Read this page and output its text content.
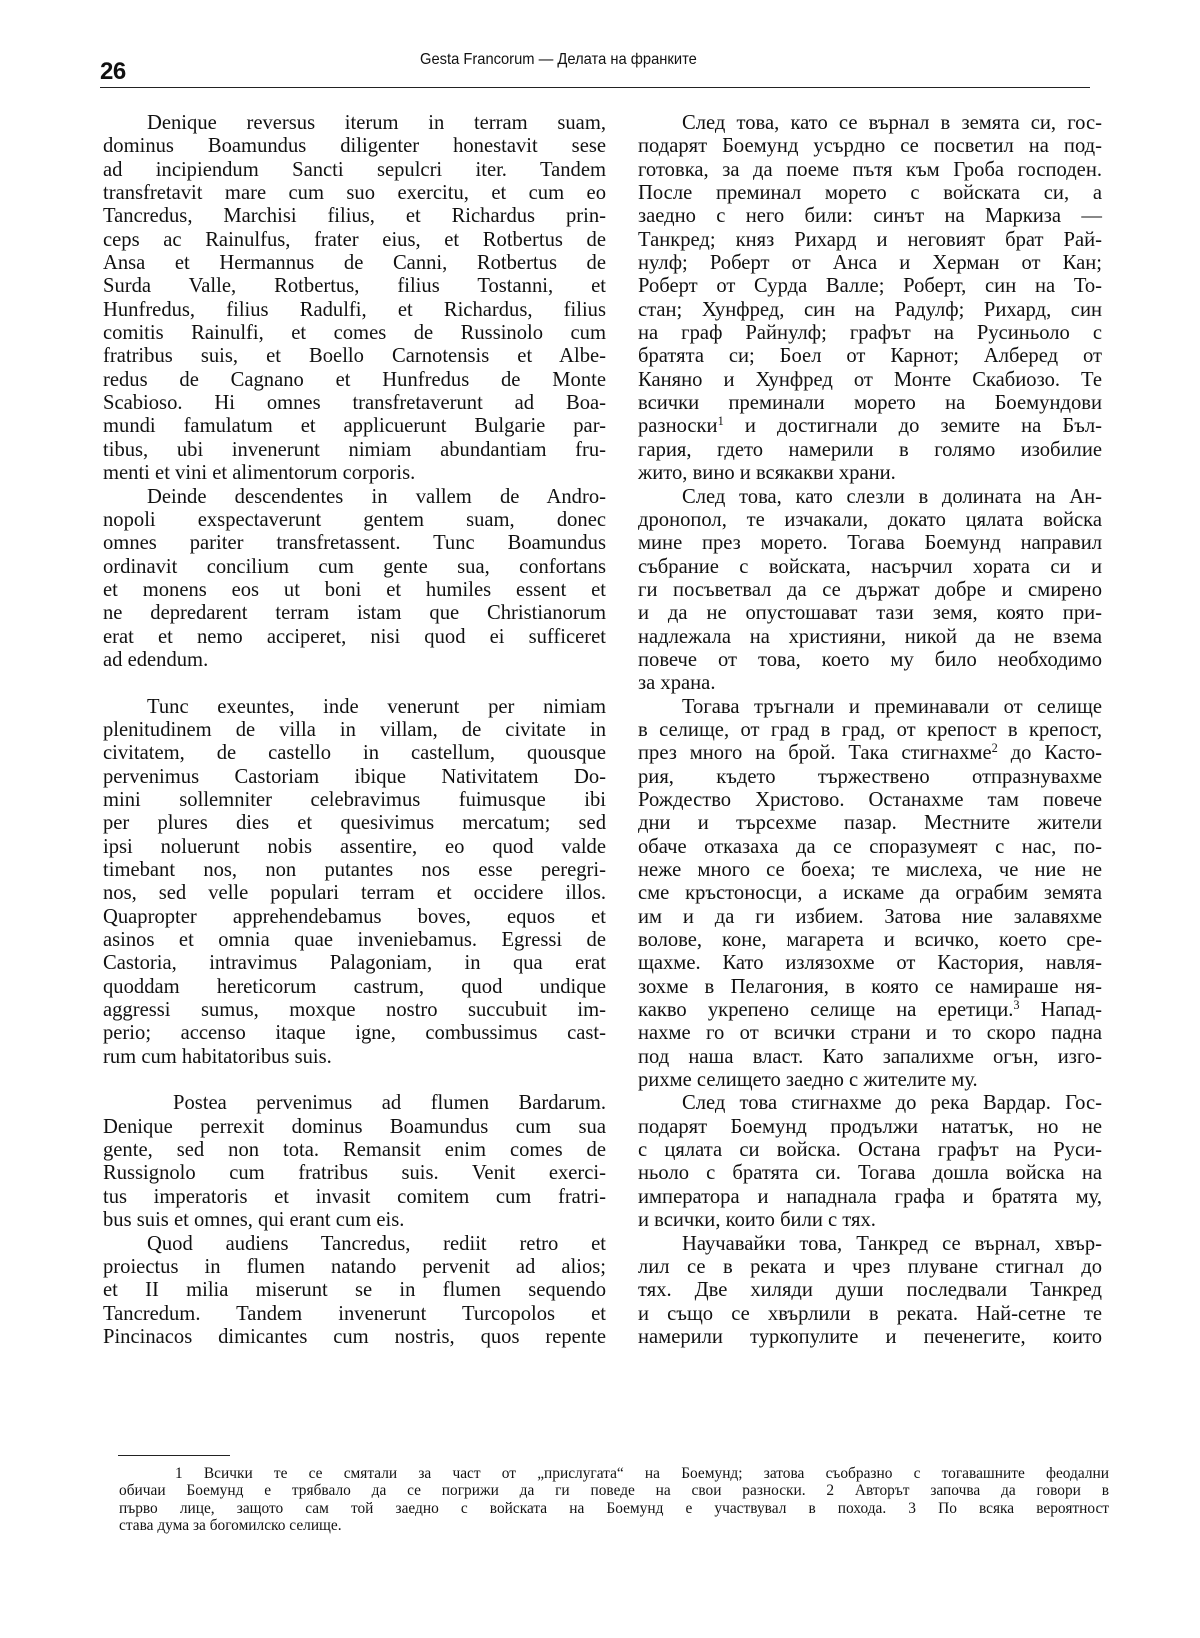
26	Gesta Francorum — Делата на франките
Denique reversus iterum in terram suam,
dominus Boamundus diligenter honestavit sese
ad incipiendum Sancti sepulcri iter. Tandem
transfretavit mare cum suo exercitu, et cum eo
Tancredus, Marchisi filius, et Richardus prin-
ceps ac Rainulfus, frater eius, et Rotbertus de
Ansa et Hermannus de Canni, Rotbertus de
Surda Valle, Rotbertus, filius Tostanni, et
Hunfredus, filius Radulfi, et Richardus, filius
comitis Rainulfi, et comes de Russinolo cum
fratribus suis, et Boello Carnotensis et Albe-
redus de Cagnano et Hunfredus de Monte
Scabioso. Hi omnes transfretaverunt ad Boa-
mundi famulatum et applicuerunt Bulgarie par-
tibus, ubi invenerunt nimiam abundantiam fru-
menti et vini et alimentorum corporis.
Deinde descendentes in vallem de Andro-
nopoli exspectaverunt gentem suam, donec
omnes pariter transfretassent. Tunc Boamundus
ordinavit concilium cum gente sua, confortans
et monens eos ut boni et humiles essent et
ne depredarent terram istam que Christianorum
erat et nemo acciperet, nisi quod ei sufficeret
ad edendum.
Tunc exeuntes, inde venerunt per nimiam
plenitudinem de villa in villam, de civitate in
civitatem, de castello in castellum, quousque
pervenimus Castoriam ibique Nativitatem Do-
mini sollemniter celebravimus fuimusque ibi
per plures dies et quesivimus mercatum; sed
ipsi noluerunt nobis assentire, eo quod valde
timebant nos, non putantes nos esse peregri-
nos, sed velle populari terram et occidere illos.
Quapropter apprehendebamus boves, equos et
asinos et omnia quae inveniebamus. Egressi de
Castoria, intravimus Palagoniam, in qua erat
quoddam hereticorum castrum, quod undique
aggressi sumus, moxque nostro succubuit im-
perio; accenso itaque igne, combussimus cast-
rum cum habitatoribus suis.
Postea pervenimus ad flumen Bardarum.
Denique perrexit dominus Boamundus cum sua
gente, sed non tota. Remansit enim comes de
Russignolo cum fratribus suis. Venit exerci-
tus imperatoris et invasit comitem cum fratri-
bus suis et omnes, qui erant cum eis.
Quod audiens Tancredus, rediit retro et
proiectus in flumen natando pervenit ad alios;
et II milia miserunt se in flumen sequendo
Tancredum. Tandem invenerunt Turcopolos et
Pincinacos dimicantes cum nostris, quos repente
След това, като се върнал в земята си, гос-
подарят Боемунд усърдно се посветил на под-
готовка, за да поеме пътя към Гроба господен.
После преминал морето с войската си, а
заедно с него били: синът на Маркиза —
Танкред; княз Рихард и неговият брат Рай-
нулф; Роберт от Анса и Херман от Кан;
Роберт от Сурда Валле; Роберт, син на То-
стан; Хунфред, син на Радулф; Рихард, син
на граф Райнулф; графът на Русиньоло с
братята си; Боел от Карнот; Алберед от
Каняно и Хунфред от Монте Скабиозо. Те
всички преминали морето на Боемундови
разноски$^1$ и достигнали до земите на Бъл-
гария, гдето намерили в голямо изобилие
жито, вино и всякакви храни.
След това, като слезли в долината на Ан-
дронопол, те изчакали, докато цялата войска
мине през морето. Тогава Боемунд направил
събрание с войската, насърчил хората си и
ги посъветвал да се държат добре и смирено
и да не опустошават тази земя, която при-
надлежала на християни, никой да не взема
повече от това, което му било необходимо
за храна.
Тогава тръгнали и преминавали от селище
в селище, от град в град, от крепост в крепост,
през много на брой. Така стигнахме$^2$ до Касто-
рия, където тържествено отпразнувахме
Рождество Христово. Останахме там повече
дни и търсехме пазар. Местните жители
обаче отказаха да се споразумеят с нас, по-
неже много се боеха; те мислеха, че ние не
сме кръстоносци, а искаме да ограбим земята
им и да ги избием. Затова ние залавяхме
волове, коне, магарета и всичко, което сре-
щахме. Като излязохме от Кастория, навля-
зохме в Пелагония, в която се намираше ня-
какво укрепено селище на еретици.$^3$ Напад-
нахме го от всички страни и то скоро падна
под наша власт. Като запалихме огън, изго-
рихме селището заедно с жителите му.
След това стигнахме до река Вардар. Гос-
подарят Боемунд продължи нататък, но не
с цялата си войска. Остана графът на Руси-
ньоло с братята си. Тогава дошла войска на
императора и нападнала графа и братята му,
и всички, които били с тях.
Научавайки това, Танкред се върнал, хвър-
лил се в реката и чрез плуване стигнал до
тях. Две хиляди души последвали Танкред
и също се хвърлили в реката. Най-сетне те
намерили туркопулите и печенегите, които
1 Всички те се смятали за част от „прислугата“ на Боемунд; затова съобразно с тогавашните феодални
обичаи Боемунд е трябвало да се погрижи да ги поведе на свои разноски. 2 Авторът започва да говори в
първо лице, защото сам той заедно с войската на Боемунд е участвувал в похода. 3 По всяка вероятност
става дума за богомилско селище.
